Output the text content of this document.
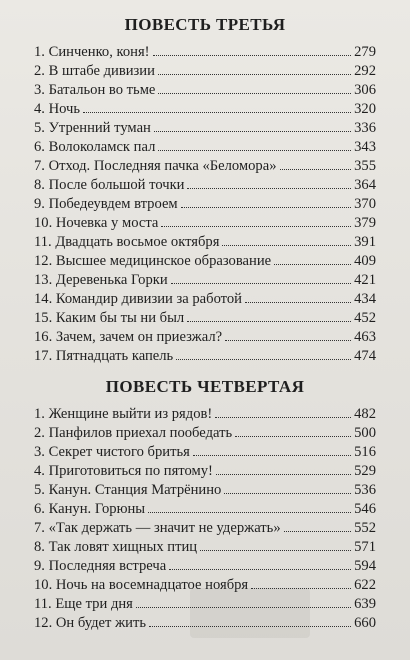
ПОВЕСТЬ ТРЕТЬЯ
1. Синченко, коня!	279
2. В штабе дивизии	292
3. Батальон во тьме	306
4. Ночь	320
5. Утренний туман	336
6. Волоколамск пал	343
7. Отход. Последняя пачка «Беломора»	355
8. После большой точки	364
9. Победеувдем втроем	370
10. Ночевка у моста	379
11. Двадцать восьмое октября	391
12. Высшее медицинское образование	409
13. Деревенька Горки	421
14. Командир дивизии за работой	434
15. Каким бы ты ни был	452
16. Зачем, зачем он приезжал?	463
17. Пятнадцать капель	474
ПОВЕСТЬ ЧЕТВЕРТАЯ
1. Женщине выйти из рядов!	482
2. Панфилов приехал пообедать	500
3. Секрет чистого бритья	516
4. Приготовиться по пятому!	529
5. Канун. Станция Матрёнино	536
6. Канун. Горюны	546
7. «Так держать — значит не удержать»	552
8. Так ловят хищных птиц	571
9. Последняя встреча	594
10. Ночь на восемнадцатое ноября	622
11. Еще три дня	639
12. Он будет жить	660
